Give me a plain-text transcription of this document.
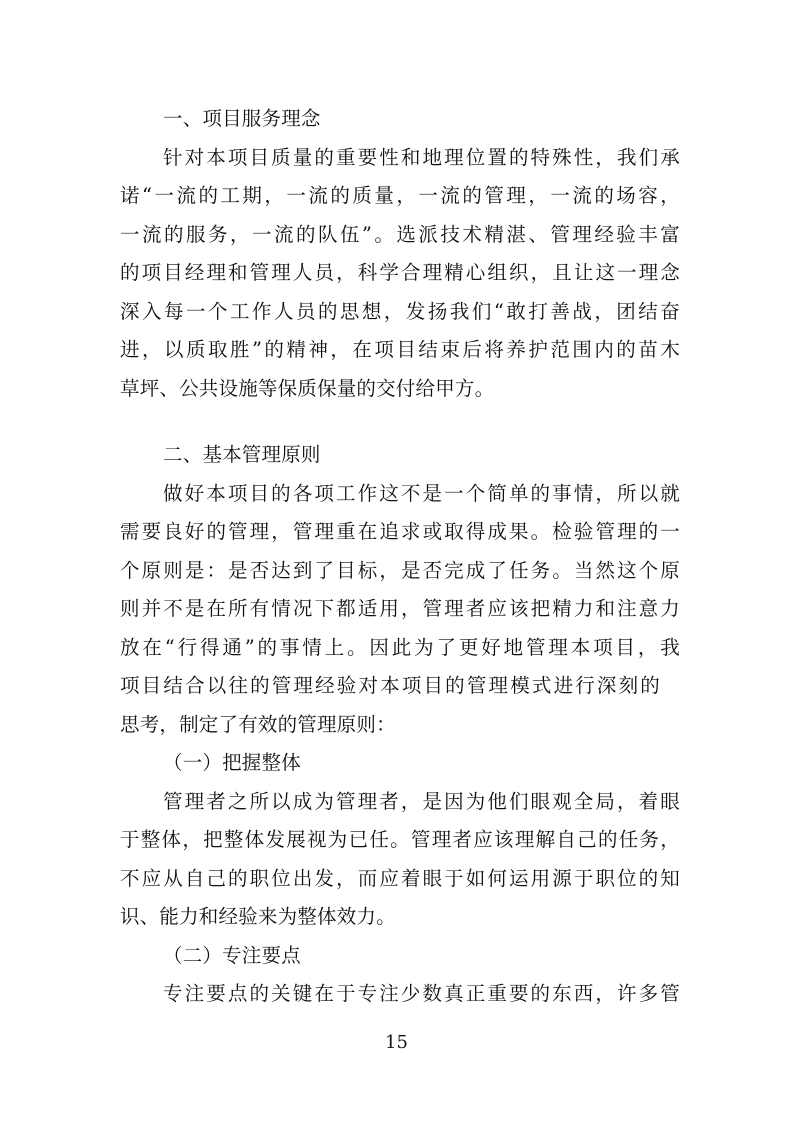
一、项目服务理念
针对本项目质量的重要性和地理位置的特殊性，我们承
诺“一流的工期，一流的质量，一流的管理，一流的场容，
一流的服务，一流的队伍”。选派技术精湛、管理经验丰富
的项目经理和管理人员，科学合理精心组织，且让这一理念
深入每一个工作人员的思想，发扬我们“敢打善战，团结奋
进，以质取胜”的精神，在项目结束后将养护范围内的苗木
草坪、公共设施等保质保量的交付给甲方。
二、基本管理原则
做好本项目的各项工作这不是一个简单的事情，所以就
需要良好的管理，管理重在追求或取得成果。检验管理的一
个原则是：是否达到了目标，是否完成了任务。当然这个原
则并不是在所有情况下都适用，管理者应该把精力和注意力
放在“行得通”的事情上。因此为了更好地管理本项目，我
项目结合以往的管理经验对本项目的管理模式进行深刻的
思考，制定了有效的管理原则：
（一）把握整体
管理者之所以成为管理者，是因为他们眼观全局，着眼
于整体，把整体发展视为已任。管理者应该理解自己的任务，
不应从自己的职位出发，而应着眼于如何运用源于职位的知
识、能力和经验来为整体效力。
（二）专注要点
专注要点的关键在于专注少数真正重要的东西，许多管
15
